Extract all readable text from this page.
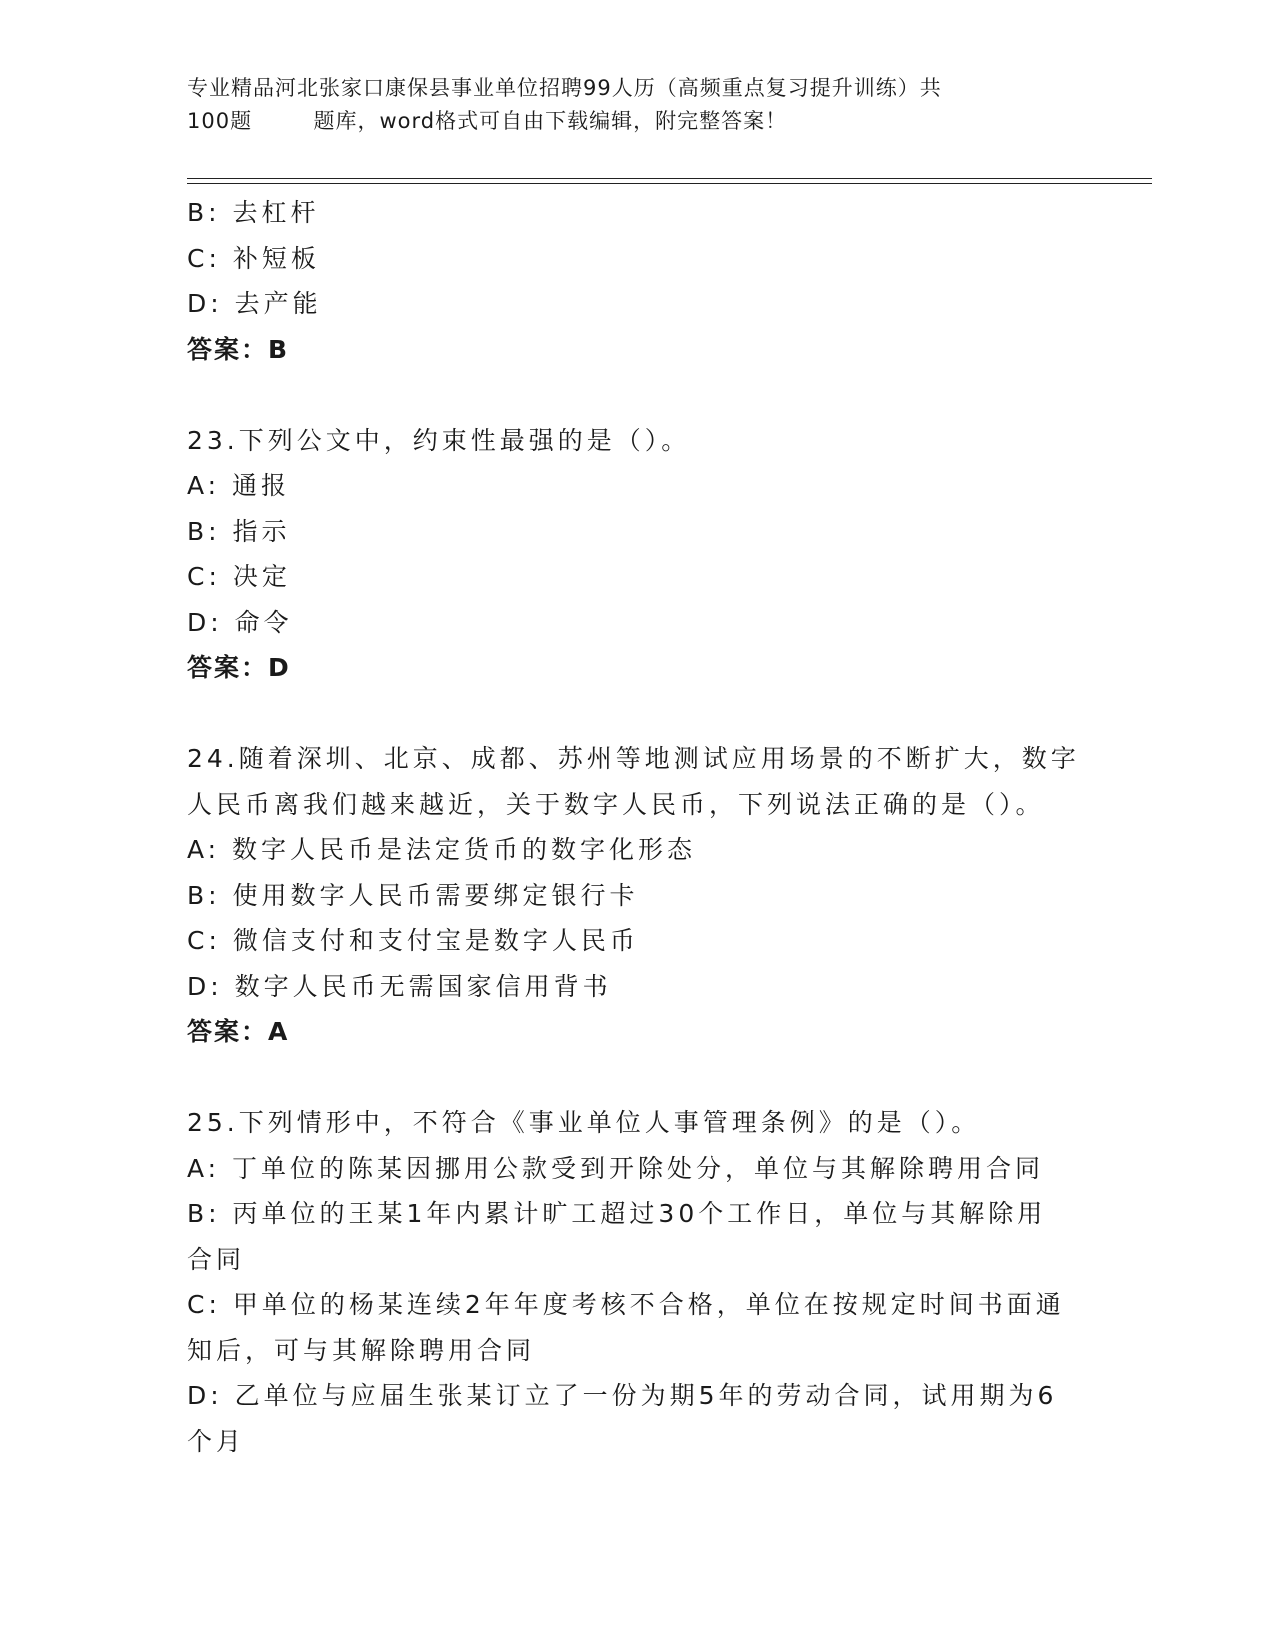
专业精品河北张家口康保县事业单位招聘99人历（高频重点复习提升训练）共
100题        题库，word格式可自由下载编辑，附完整答案！
B: 去杠杆
C: 补短板
D: 去产能
答案：B
23.下列公文中，约束性最强的是（）。
A: 通报
B: 指示
C: 决定
D: 命令
答案：D
24.随着深圳、北京、成都、苏州等地测试应用场景的不断扩大，数字
人民币离我们越来越近，关于数字人民币，下列说法正确的是（）。
A: 数字人民币是法定货币的数字化形态
B: 使用数字人民币需要绑定银行卡
C: 微信支付和支付宝是数字人民币
D: 数字人民币无需国家信用背书
答案：A
25.下列情形中，不符合《事业单位人事管理条例》的是（）。
A: 丁单位的陈某因挪用公款受到开除处分，单位与其解除聘用合同
B: 丙单位的王某1年内累计旷工超过30个工作日，单位与其解除用
合同
C: 甲单位的杨某连续2年年度考核不合格，单位在按规定时间书面通
知后，可与其解除聘用合同
D: 乙单位与应届生张某订立了一份为期5年的劳动合同，试用期为6
个月
